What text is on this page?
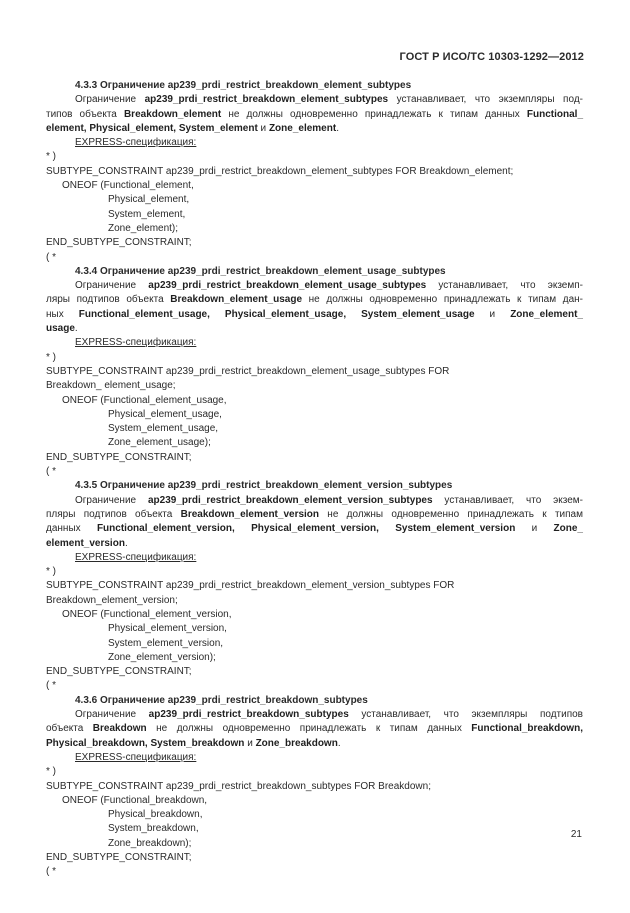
ГОСТ Р ИСО/ТС 10303-1292—2012
4.3.3 Ограничение ap239_prdi_restrict_breakdown_element_subtypes
Ограничение ap239_prdi_restrict_breakdown_element_subtypes устанавливает, что экземпляры под-
типов объекта Breakdown_element не должны одновременно принадлежать к типам данных Functional_
element, Physical_element, System_element и Zone_element.
EXPRESS-спецификация:
* )
SUBTYPE_CONSTRAINT ap239_prdi_restrict_breakdown_element_subtypes FOR Breakdown_element;
ONEOF (Functional_element,
Physical_element,
System_element,
Zone_element);
END_SUBTYPE_CONSTRAINT;
( *
4.3.4 Ограничение ap239_prdi_restrict_breakdown_element_usage_subtypes
Ограничение ap239_prdi_restrict_breakdown_element_usage_subtypes устанавливает, что экземп-
ляры подтипов объекта Breakdown_element_usage не должны одновременно принадлежать к типам дан-
ных Functional_element_usage, Physical_element_usage, System_element_usage и Zone_element_
usage.
EXPRESS-спецификация:
* )
SUBTYPE_CONSTRAINT ap239_prdi_restrict_breakdown_element_usage_subtypes FOR
Breakdown_ element_usage;
ONEOF (Functional_element_usage,
Physical_element_usage,
System_element_usage,
Zone_element_usage);
END_SUBTYPE_CONSTRAINT;
( *
4.3.5 Ограничение ap239_prdi_restrict_breakdown_element_version_subtypes
Ограничение ap239_prdi_restrict_breakdown_element_version_subtypes устанавливает, что экзем-
пляры подтипов объекта Breakdown_element_version не должны одновременно принадлежать к типам
данных Functional_element_version, Physical_element_version, System_element_version и Zone_
element_version.
EXPRESS-спецификация:
* )
SUBTYPE_CONSTRAINT ap239_prdi_restrict_breakdown_element_version_subtypes FOR
Breakdown_element_version;
ONEOF (Functional_element_version,
Physical_element_version,
System_element_version,
Zone_element_version);
END_SUBTYPE_CONSTRAINT;
( *
4.3.6 Ограничение ap239_prdi_restrict_breakdown_subtypes
Ограничение ap239_prdi_restrict_breakdown_subtypes устанавливает, что экземпляры подтипов
объекта Breakdown не должны одновременно принадлежать к типам данных Functional_breakdown,
Physical_breakdown, System_breakdown и Zone_breakdown.
EXPRESS-спецификация:
* )
SUBTYPE_CONSTRAINT ap239_prdi_restrict_breakdown_subtypes FOR Breakdown;
ONEOF (Functional_breakdown,
Physical_breakdown,
System_breakdown,
Zone_breakdown);
END_SUBTYPE_CONSTRAINT;
( *
21
